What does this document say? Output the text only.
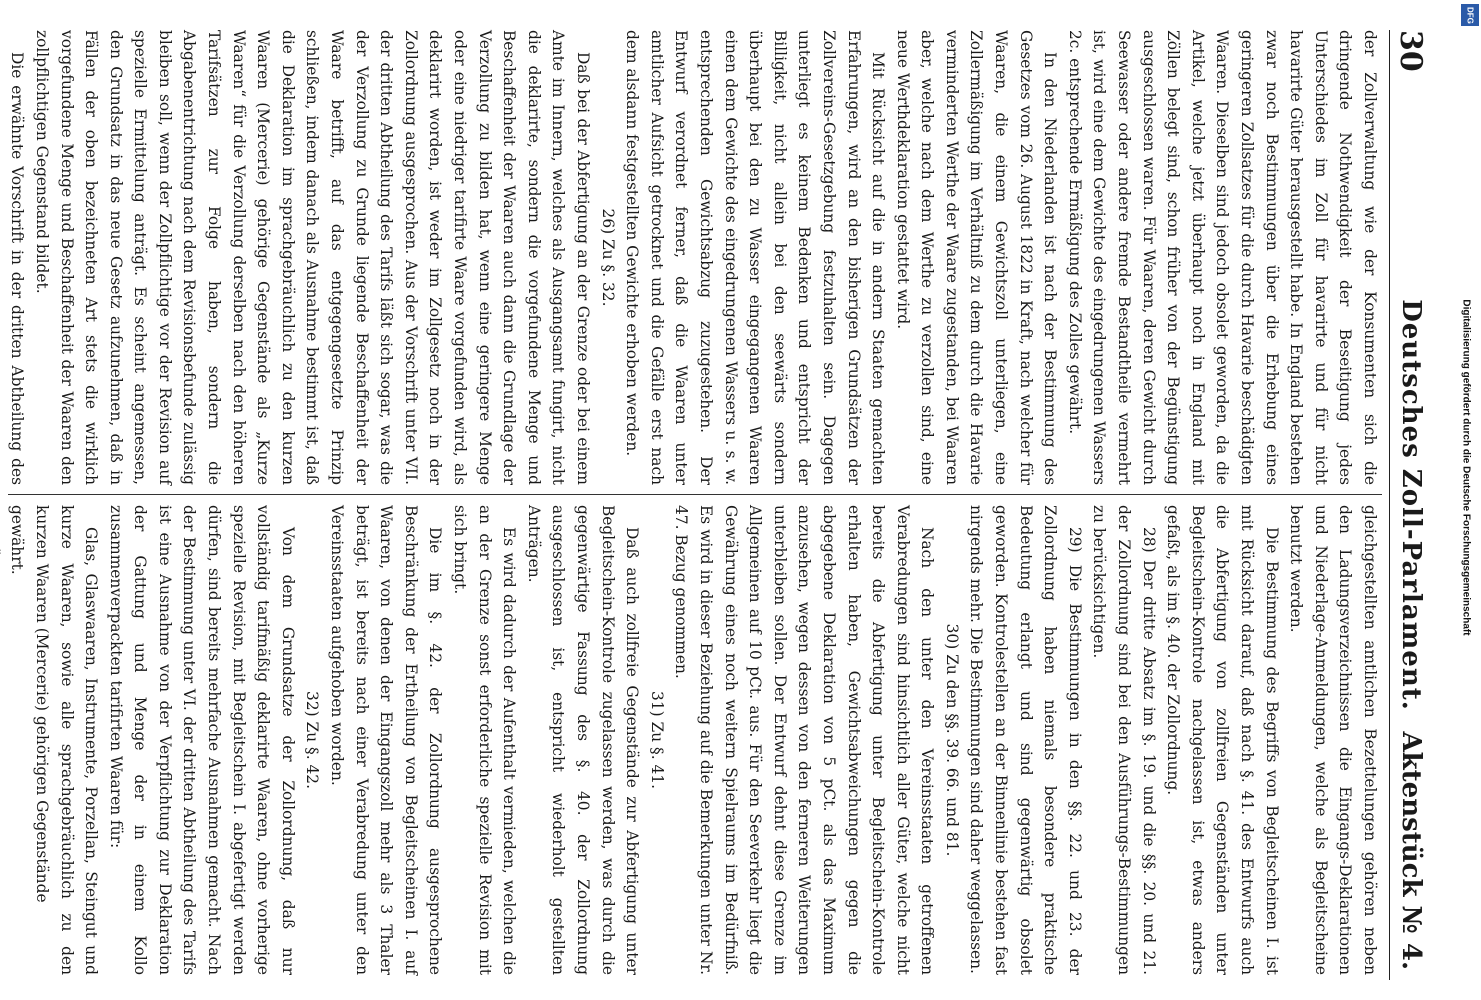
30
Deutsches Zoll-Parlament.
Aktenstück № 4.

der Zollverwaltung wie der Konsumenten sich die dringende Nothwendigkeit der Beseitigung jedes Unterschiedes im Zoll für havarirte und für nicht havarirte Güter herausgestellt habe. In England bestehen zwar noch Bestimmungen über die Erhebung eines geringeren Zollsatzes für die durch Havarie beschädigten Waaren. Dieselben sind jedoch obsolet geworden, da die Artikel, welche jetzt überhaupt noch in England mit Zöllen belegt sind, schon früher von der Begünstigung ausgeschlossen waren. Für Waaren, deren Gewicht durch Seewasser oder andere fremde Bestandtheile vermehrt ist, wird eine dem Gewichte des eingedrungenen Wassers 2c. entsprechende Ermäßigung des Zolles gewährt.

In den Niederlanden ist nach der Bestimmung des Gesetzes vom 26. August 1822 in Kraft, nach welcher für Waaren, die einem Gewichtszoll unterliegen, eine Zollermäßigung im Verhältniß zu dem durch die Havarie verminderten Werthe der Waare zugestanden, bei Waaren aber, welche nach dem Werthe zu verzollen sind, eine neue Werthdeklaration gestattet wird.

Mit Rücksicht auf die in andern Staaten gemachten Erfahrungen, wird an den bisherigen Grundsätzen der Zollvereins-Gesetzgebung festzuhalten sein. Dagegen unterliegt es keinem Bedenken und entspricht der Billigkeit, nicht allein bei den seewärts sondern überhaupt bei den zu Wasser eingegangenen Waaren einen dem Gewichte des eingedrungenen Wassers u. s. w. entsprechenden Gewichtsabzug zuzugestehen. Der Entwurf verordnet ferner, daß die Waaren unter amtlicher Aufsicht getrocknet und die Gefälle erst nach dem alsdann festgestellten Gewichte erhoben werden.

26) Zu §. 32.

Daß bei der Abfertigung an der Grenze oder bei einem Amte im Innern, welches als Ausgangsamt fungirt, nicht die deklarirte, sondern die vorgefundene Menge und Beschaffenheit der Waaren auch dann die Grundlage der Verzollung zu bilden hat, wenn eine geringere Menge oder eine niedriger tarifirte Waare vorgefunden wird, als deklarirt worden, ist weder im Zollgesetz noch in der Zollordnung ausgesprochen. Aus der Vorschrift unter VII. der dritten Abtheilung des Tarifs läßt sich sogar, was die der Verzollung zu Grunde liegende Beschaffenheit der Waare betrifft, auf das entgegengesetzte Prinzip schließen, indem danach als Ausnahme bestimmt ist, daß die Deklaration im sprachgebräuchlich zu den kurzen Waaren (Mercerie) gehörige Gegenstände als „Kurze Waaren“ für die Verzollung derselben nach den höheren Tarifsätzen zur Folge haben, sondern die Abgabenentrichtung nach dem Revisionsbefunde zulässig bleiben soll, wenn der Zollpflichtige vor der Revision auf spezielle Ermittelung anträgt. Es scheint angemessen, den Grundsatz in das neue Gesetz aufzunehmen, daß in Fällen der oben bezeichneten Art stets die wirklich vorgefundene Menge und Beschaffenheit der Waaren den zollpflichtigen Gegenstand bildet.

Die erwähnte Vorschrift in der dritten Abtheilung des

gleichgestellten amtlichen Bezettelungen gehören neben den Ladungsverzeichnissen die Eingangs-Deklarationen und Niederlage-Anmeldungen, welche als Begleitscheine benutzt werden.

Die Bestimmung des Begriffs von Begleitscheinen I. ist mit Rücksicht darauf, daß nach §. 41. des Entwurfs auch die Abfertigung von zollfreien Gegenständen unter Begleitschein-Kontrole nachgelassen ist, etwas anders gefaßt, als im §. 40. der Zollordnung.

28) Der dritte Absatz im §. 19. und die §§. 20. und 21. der Zollordnung sind bei den Ausführungs-Bestimmungen zu berücksichtigen.

29) Die Bestimmungen in den §§. 22. und 23. der Zollordnung haben niemals besondere praktische Bedeutung erlangt und sind gegenwärtig obsolet geworden. Kontrolestellen an der Binnenlinie bestehen fast nirgends mehr. Die Bestimmungen sind daher weggelassen.

30) Zu den §§. 39. 66. und 81.

Nach den unter den Vereinsstaaten getroffenen Verabredungen sind hinsichtlich aller Güter, welche nicht bereits die Abfertigung unter Begleitschein-Kontrole erhalten haben, Gewichtsabweichungen gegen die abgegebene Deklaration von 5 pCt. als das Maximum anzusehen, wegen dessen von den ferneren Weiterungen unterbleiben sollen. Der Entwurf dehnt diese Grenze im Allgemeinen auf 10 pCt. aus. Für den Seeverkehr liegt die Gewährung eines noch weitern Spielraums im Bedürfniß. Es wird in dieser Beziehung auf die Bemerkungen unter Nr. 47. Bezug genommen.

31) Zu §. 41.

Daß auch zollfreie Gegenstände zur Abfertigung unter Begleitschein-Kontrole zugelassen werden, was durch die gegenwärtige Fassung des §. 40. der Zollordnung ausgeschlossen ist, entspricht wiederholt gestellten Anträgen.

Es wird dadurch der Aufenthalt vermieden, welchen die an der Grenze sonst erforderliche spezielle Revision mit sich bringt.

Die im §. 42. der Zollordnung ausgesprochene Beschränkung der Ertheilung von Begleitscheinen I. auf Waaren, von denen der Eingangszoll mehr als 3 Thaler beträgt, ist bereits nach einer Verabredung unter den Vereinsstaaten aufgehoben worden.

32) Zu §. 42.

Von dem Grundsatze der Zollordnung, daß nur vollständig tarifmäßig deklarirte Waaren, ohne vorherige spezielle Revision, mit Begleitschein I. abgefertigt werden dürfen, sind bereits mehrfache Ausnahmen gemacht. Nach der Bestimmung unter VI. der dritten Abtheilung des Tarifs ist eine Ausnahme von der Verpflichtung zur Deklaration der Gattung und Menge der in einem Kollo zusammenverpackten tarifirten Waaren für:

Glas, Glaswaaren, Instrumente, Porzellan, Steingut und kurze Waaren, sowie alle sprachgebräuchlich zu den kurzen Waaren (Mercerie) gehörigen Gegenstände

gewährt.

DFG
Digitalisierung gefördert durch die Deutsche Forschungsgemeinschaft
